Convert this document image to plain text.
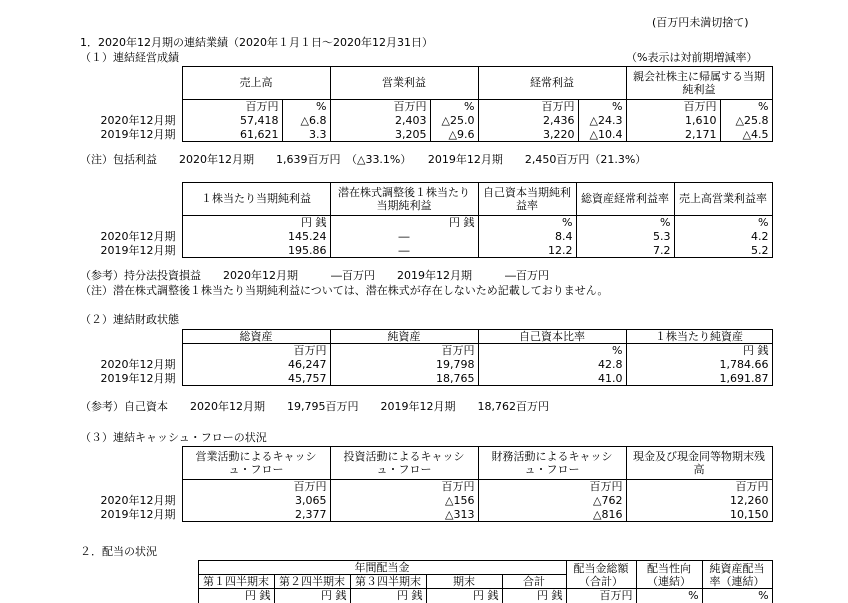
(百万円未満切捨て)
1．2020年12月期の連結業績（2020年１月１日～2020年12月31日）
（１）連結経営成績	（%表示は対前期増減率）
	売上高		営業利益		経常利益		親会社株主に帰属する当期純利益	
	百万円	%	百万円	%	百万円	%	百万円	%
2020年12月期	57,418	△6.8	2,403	△25.0	2,436	△24.3	1,610	△25.8
2019年12月期	61,621	3.3	3,205	△9.6	3,220	△10.4	2,171	△4.5
（注）包括利益　　2020年12月期　　1,639百万円　（△33.1%）　　2019年12月期　　2,450百万円（21.3%）
	１株当たり当期純利益	潜在株式調整後１株当たり当期純利益	自己資本当期純利益率	総資産経常利益率	売上高営業利益率
	円 銭	円 銭	%	%	%
2020年12月期	145.24	―	8.4	5.3	4.2
2019年12月期	195.86	―	12.2	7.2	5.2
（参考）持分法投資損益　　2020年12月期　　　―百万円　　2019年12月期　　　―百万円
（注）潜在株式調整後１株当たり当期純利益については、潜在株式が存在しないため記載しておりません。
（２）連結財政状態
	総資産	純資産	自己資本比率	１株当たり純資産
	百万円	百万円	%	円 銭
2020年12月期	46,247	19,798	42.8	1,784.66
2019年12月期	45,757	18,765	41.0	1,691.87
（参考）自己資本　　2020年12月期　　19,795百万円　　2019年12月期　　18,762百万円
（３）連結キャッシュ・フローの状況
	営業活動によるキャッシュ・フロー	投資活動によるキャッシュ・フロー	財務活動によるキャッシュ・フロー	現金及び現金同等物期末残高
	百万円	百万円	百万円	百万円
2020年12月期	3,065	△156	△762	12,260
2019年12月期	2,377	△313	△816	10,150
２．配当の状況
	年間配当金					配当金総額（合計）	配当性向（連結）	純資産配当率（連結）
	第１四半期末	第２四半期末	第３四半期末	期末	合計			
	円 銭	円 銭	円 銭	円 銭	円 銭	百万円	%	%
